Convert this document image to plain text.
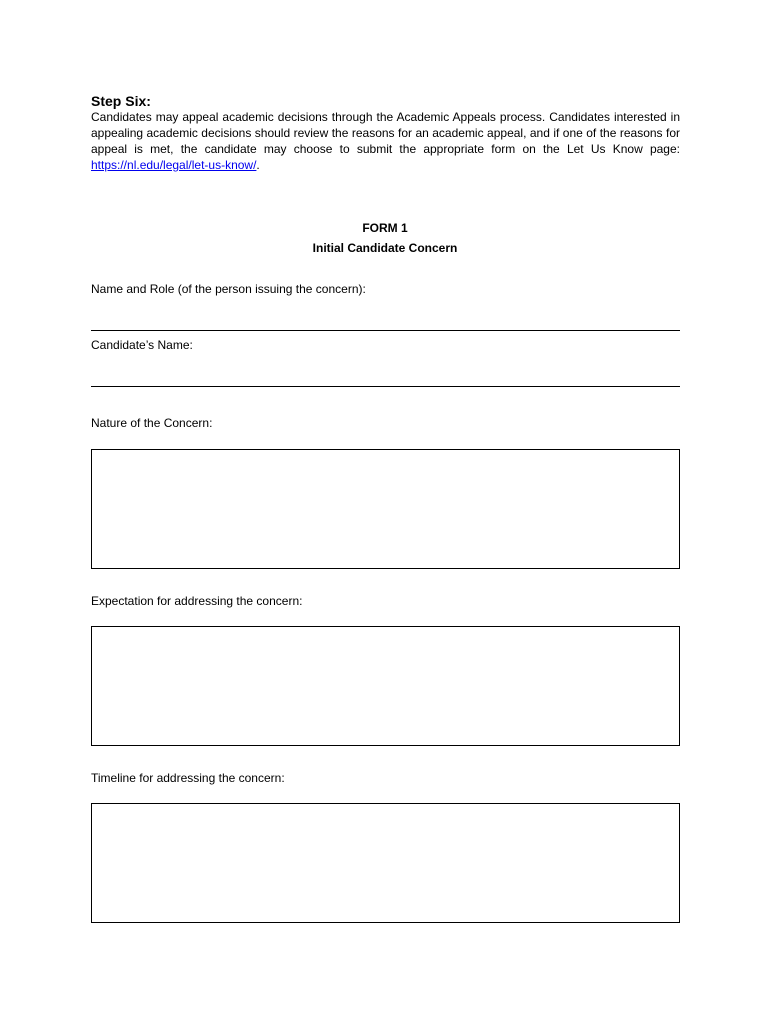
Step Six:
Candidates may appeal academic decisions through the Academic Appeals process. Candidates interested in appealing academic decisions should review the reasons for an academic appeal, and if one of the reasons for appeal is met, the candidate may choose to submit the appropriate form on the Let Us Know page: https://nl.edu/legal/let-us-know/.
FORM 1
Initial Candidate Concern
Name and Role (of the person issuing the concern):
Candidate’s Name:
Nature of the Concern:
Expectation for addressing the concern:
Timeline for addressing the concern:
